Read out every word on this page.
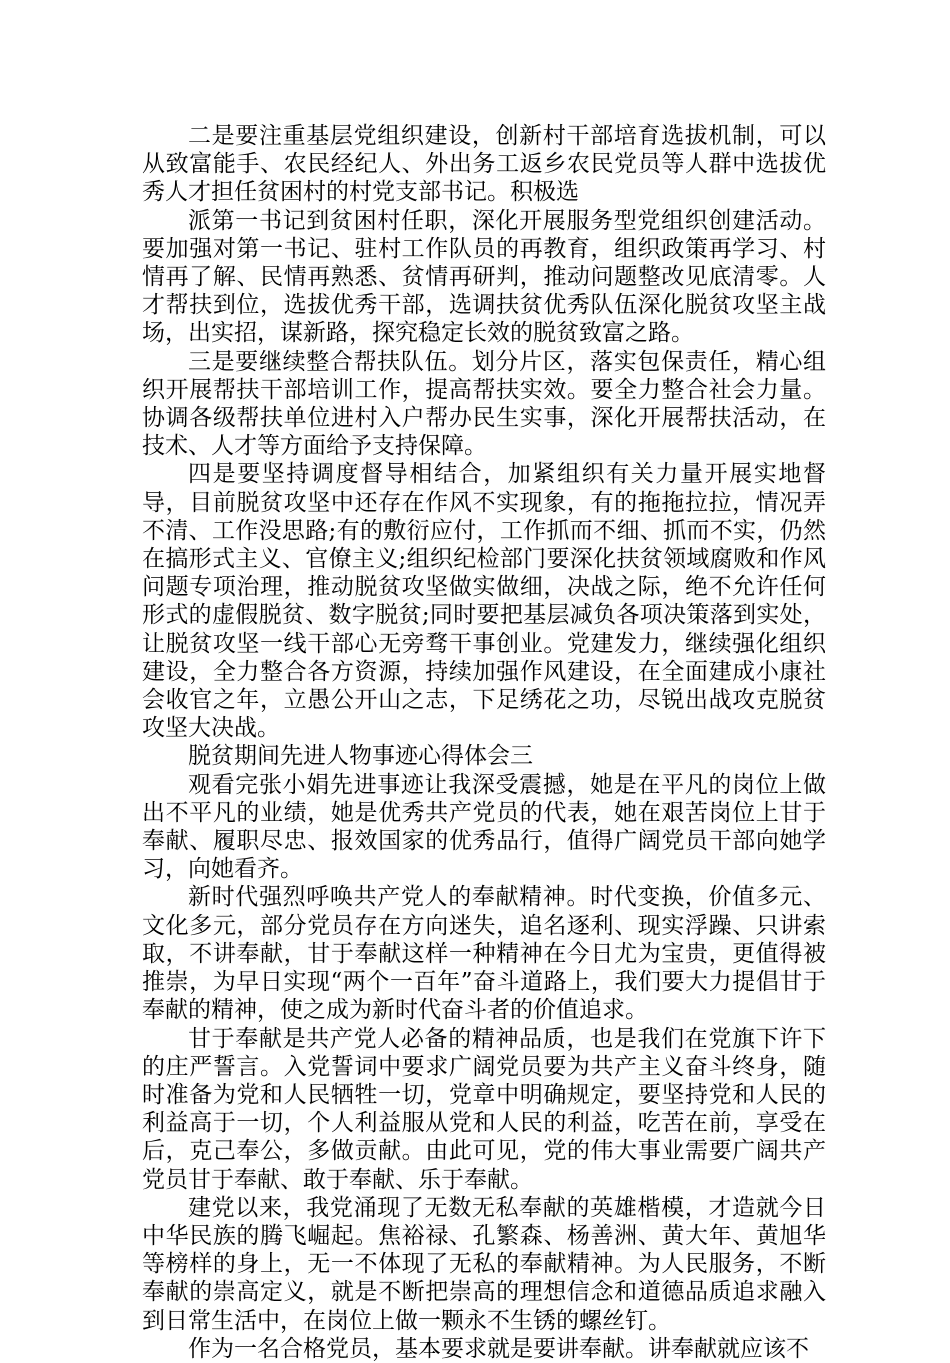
二是要注重基层党组织建设，创新村干部培育选拔机制，可以从致富能手、农民经纪人、外出务工返乡农民党员等人群中选拔优秀人才担任贫困村的村党支部书记。积极选

派第一书记到贫困村任职，深化开展服务型党组织创建活动。要加强对第一书记、驻村工作队员的再教育，组织政策再学习、村情再了解、民情再熟悉、贫情再研判，推动问题整改见底清零。人才帮扶到位，选拔优秀干部，选调扶贫优秀队伍深化脱贫攻坚主战场，出实招，谋新路，探究稳定长效的脱贫致富之路。

三是要继续整合帮扶队伍。划分片区，落实包保责任，精心组织开展帮扶干部培训工作，提高帮扶实效。要全力整合社会力量。协调各级帮扶单位进村入户帮办民生实事，深化开展帮扶活动，在技术、人才等方面给予支持保障。

四是要坚持调度督导相结合，加紧组织有关力量开展实地督导，目前脱贫攻坚中还存在作风不实现象，有的拖拖拉拉，情况弄不清、工作没思路;有的敷衍应付，工作抓而不细、抓而不实，仍然在搞形式主义、官僚主义;组织纪检部门要深化扶贫领域腐败和作风问题专项治理，推动脱贫攻坚做实做细，决战之际，绝不允许任何形式的虚假脱贫、数字脱贫;同时要把基层减负各项决策落到实处，让脱贫攻坚一线干部心无旁骛干事创业。党建发力，继续强化组织建设，全力整合各方资源，持续加强作风建设，在全面建成小康社会收官之年，立愚公开山之志，下足绣花之功，尽锐出战攻克脱贫攻坚大决战。

脱贫期间先进人物事迹心得体会三

观看完张小娟先进事迹让我深受震撼，她是在平凡的岗位上做出不平凡的业绩，她是优秀共产党员的代表，她在艰苦岗位上甘于奉献、履职尽忠、报效国家的优秀品行，值得广阔党员干部向她学习，向她看齐。

新时代强烈呼唤共产党人的奉献精神。时代变换，价值多元、文化多元，部分党员存在方向迷失，追名逐利、现实浮躁、只讲索取，不讲奉献，甘于奉献这样一种精神在今日尤为宝贵，更值得被推崇，为早日实现“两个一百年”奋斗道路上，我们要大力提倡甘于奉献的精神，使之成为新时代奋斗者的价值追求。

甘于奉献是共产党人必备的精神品质，也是我们在党旗下许下的庄严誓言。入党誓词中要求广阔党员要为共产主义奋斗终身，随时准备为党和人民牺牲一切，党章中明确规定，要坚持党和人民的利益高于一切，个人利益服从党和人民的利益，吃苦在前，享受在后，克己奉公，多做贡献。由此可见，党的伟大事业需要广阔共产党员甘于奉献、敢于奉献、乐于奉献。

建党以来，我党涌现了无数无私奉献的英雄楷模，才造就今日中华民族的腾飞崛起。焦裕禄、孔繁森、杨善洲、黄大年、黄旭华等榜样的身上，无一不体现了无私的奉献精神。为人民服务，不断奉献的崇高定义，就是不断把崇高的理想信念和道德品质追求融入到日常生活中，在岗位上做一颗永不生锈的螺丝钉。

作为一名合格党员，基本要求就是要讲奉献。讲奉献就应该不
